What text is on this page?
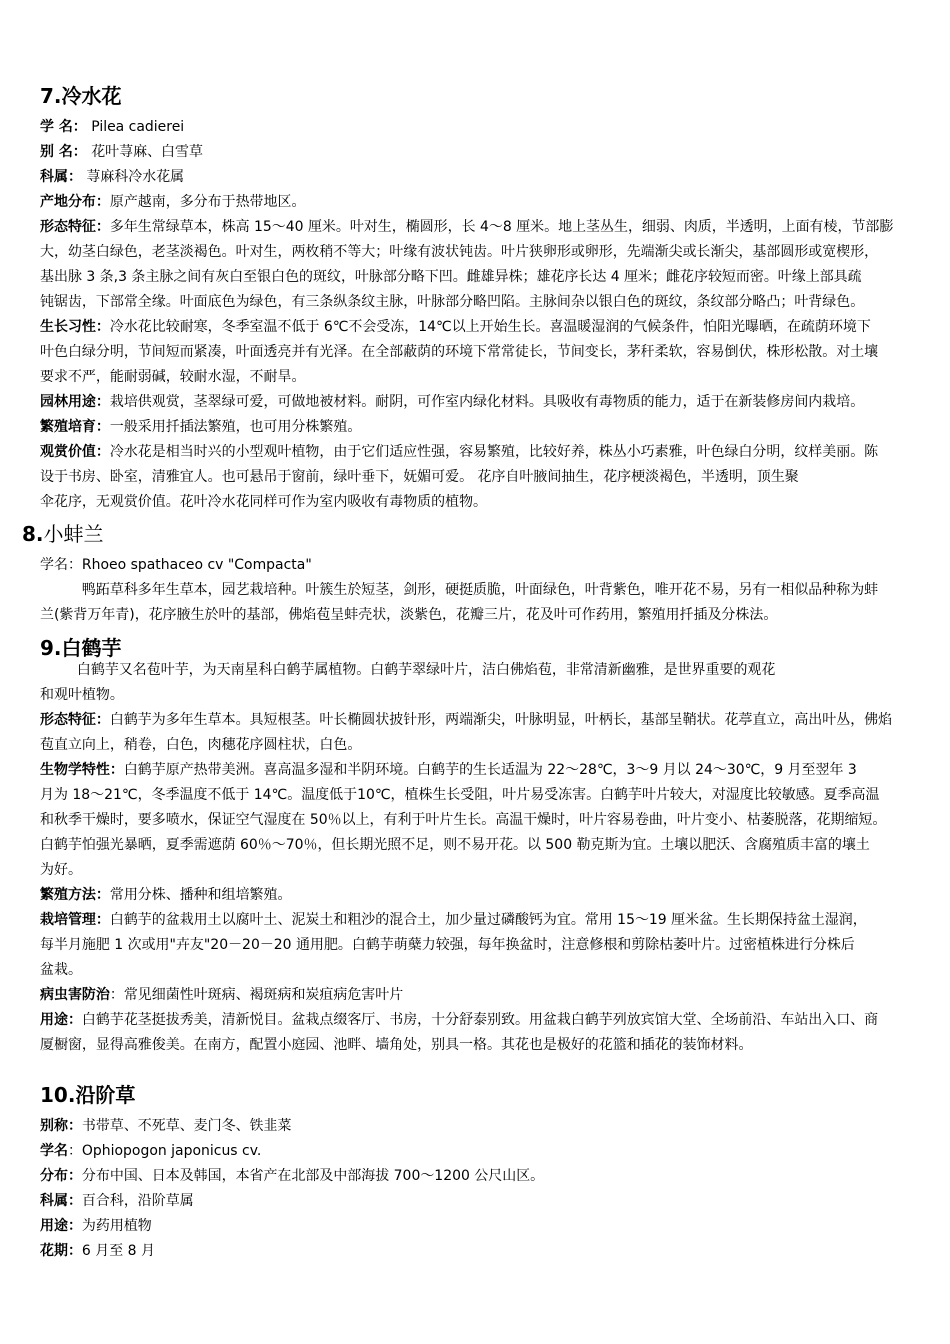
7.冷水花
学 名： Pilea cadierei
别 名： 花叶荨麻、白雪草
科属： 荨麻科冷水花属
产地分布：原产越南，多分布于热带地区。
形态特征：多年生常绿草本，株高 15～40 厘米。叶对生，椭圆形，长 4～8 厘米。地上茎丛生，细弱、肉质，半透明，上面有棱，节部膨
大，幼茎白绿色，老茎淡褐色。叶对生，两枚稍不等大；叶缘有波状钝齿。叶片狭卵形或卵形，先端渐尖或长渐尖，基部圆形或宽楔形，
基出脉 3 条,3 条主脉之间有灰白至银白色的斑纹，叶脉部分略下凹。雌雄异株；雄花序长达 4 厘米；雌花序较短而密。叶缘上部具疏
钝锯齿，下部常全缘。叶面底色为绿色，有三条纵条纹主脉，叶脉部分略凹陷。主脉间杂以银白色的斑纹，条纹部分略凸；叶背绿色。
生长习性：冷水花比较耐寒，冬季室温不低于 6℃不会受冻，14℃以上开始生长。喜温暖湿润的气候条件，怕阳光曝晒，在疏荫环境下
叶色白绿分明，节间短而紧凑，叶面透亮并有光泽。在全部蔽荫的环境下常常徒长，节间变长，茅秆柔软，容易倒伏，株形松散。对土壤
要求不严，能耐弱碱，较耐水湿，不耐旱。
园林用途：栽培供观赏，茎翠绿可爱，可做地被材料。耐阴，可作室内绿化材料。具吸收有毒物质的能力，适于在新装修房间内栽培。
繁殖培育：一般采用扦插法繁殖，也可用分株繁殖。
观赏价值：冷水花是相当时兴的小型观叶植物，由于它们适应性强，容易繁殖，比较好养，株丛小巧素雅，叶色绿白分明，纹样美丽。陈
设于书房、卧室，清雅宜人。也可悬吊于窗前，绿叶垂下，妩媚可爱。 花序自叶腋间抽生，花序梗淡褐色，半透明，顶生聚
伞花序，无观赏价值。花叶冷水花同样可作为室内吸收有毒物质的植物。
8.小蚌兰
学名：Rhoeo spathaceo cv "Compacta"
鸭跖草科多年生草本，园艺栽培种。叶簇生於短茎，剑形，硬挺质脆，叶面绿色，叶背紫色，唯开花不易，另有一相似品种称为蚌
兰(紫背万年青)，花序腋生於叶的基部，佛焰苞呈蚌壳状，淡紫色，花瓣三片，花及叶可作药用，繁殖用扦插及分株法。
9.白鹤芋
白鹤芋又名苞叶芋，为天南星科白鹤芋属植物。白鹤芋翠绿叶片，洁白佛焰苞，非常清新幽雅，是世界重要的观花
和观叶植物。
形态特征：白鹤芋为多年生草本。具短根茎。叶长椭圆状披针形，两端渐尖，叶脉明显，叶柄长，基部呈鞘状。花葶直立，高出叶丛，佛焰
苞直立向上，稍卷，白色，肉穗花序圆柱状，白色。
生物学特性：白鹤芋原产热带美洲。喜高温多湿和半阴环境。白鹤芋的生长适温为 22～28℃，3～9 月以 24～30℃，9 月至翌年 3
月为 18～21℃，冬季温度不低于 14℃。温度低于10℃，植株生长受阻，叶片易受冻害。白鹤芋叶片较大，对湿度比较敏感。夏季高温
和秋季干燥时，要多喷水，保证空气湿度在 50％以上，有利于叶片生长。高温干燥时，叶片容易卷曲，叶片变小、枯萎脱落，花期缩短。
白鹤芋怕强光暴晒，夏季需遮荫 60％～70％，但长期光照不足，则不易开花。以 500 勒克斯为宜。土壤以肥沃、含腐殖质丰富的壤土
为好。
繁殖方法：常用分株、播种和组培繁殖。
栽培管理：白鹤芋的盆栽用土以腐叶土、泥炭土和粗沙的混合土，加少量过磷酸钙为宜。常用 15～19 厘米盆。生长期保持盆土湿润，
每半月施肥 1 次或用"卉友"20－20－20 通用肥。白鹤芋萌蘖力较强，每年换盆时，注意修根和剪除枯萎叶片。过密植株进行分株后
盆栽。
病虫害防治：常见细菌性叶斑病、褐斑病和炭疽病危害叶片
用途：白鹤芋花茎挺拔秀美，清新悦目。盆栽点缀客厅、书房，十分舒泰别致。用盆栽白鹤芋列放宾馆大堂、全场前沿、车站出入口、商
厦橱窗，显得高雅俊美。在南方，配置小庭园、池畔、墙角处，别具一格。其花也是极好的花篮和插花的装饰材料。
10.沿阶草
别称：书带草、不死草、麦门冬、铁韭菜
学名：Ophiopogon japonicus cv.
分布：分布中国、日本及韩国，本省产在北部及中部海拔 700～1200 公尺山区。
科属：百合科，沿阶草属
用途：为药用植物
花期：6 月至 8 月
